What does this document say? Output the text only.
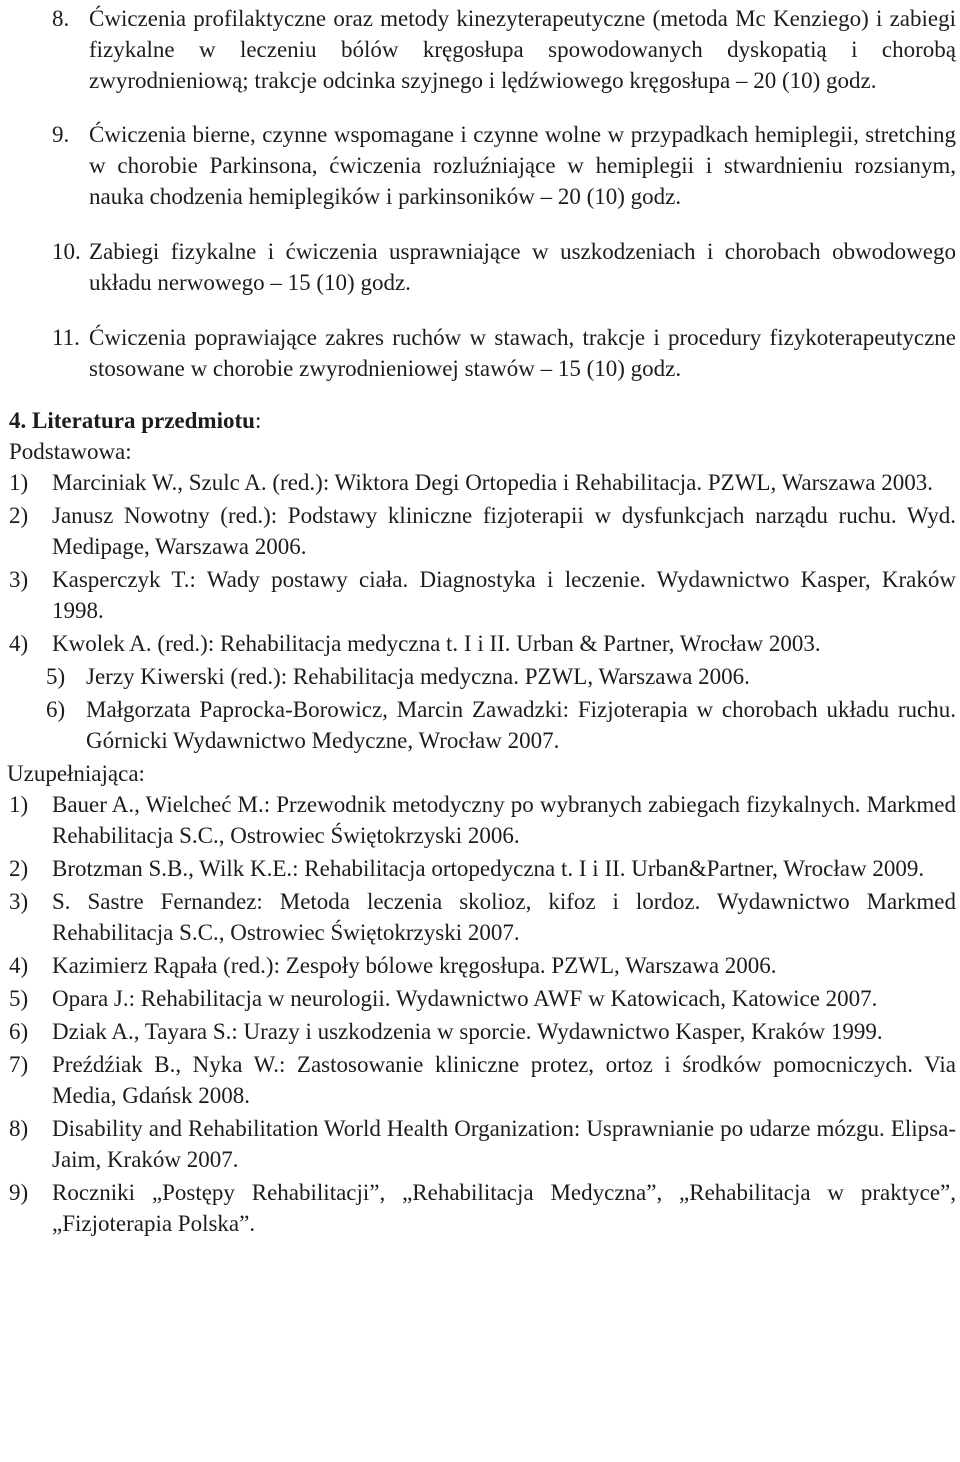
8. Ćwiczenia profilaktyczne oraz metody kinezyterapeutyczne (metoda Mc Kenziego) i zabiegi fizykalne w leczeniu bólów kręgosłupa spowodowanych dyskopatią i chorobą zwyrodnieniową; trakcje odcinka szyjnego i lędźwiowego kręgosłupa – 20 (10) godz.
9. Ćwiczenia bierne, czynne wspomagane i czynne wolne w przypadkach hemiplegii, stretching w chorobie Parkinsona, ćwiczenia rozluźniające w hemiplegii i stwardnieniu rozsianym, nauka chodzenia hemiplegików i parkinsoników – 20 (10) godz.
10. Zabiegi fizykalne i ćwiczenia usprawniające w uszkodzeniach i chorobach obwodowego układu nerwowego – 15 (10) godz.
11. Ćwiczenia poprawiające zakres ruchów w stawach, trakcje i procedury fizykoterapeutyczne stosowane w chorobie zwyrodnieniowej stawów – 15 (10) godz.
4. Literatura przedmiotu:
Podstawowa:
1) Marciniak W., Szulc A. (red.): Wiktora Degi Ortopedia i Rehabilitacja. PZWL, Warszawa 2003.
2) Janusz Nowotny (red.): Podstawy kliniczne fizjoterapii w dysfunkcjach narządu ruchu. Wyd. Medipage, Warszawa 2006.
3) Kasperczyk T.: Wady postawy ciała. Diagnostyka i leczenie. Wydawnictwo Kasper, Kraków 1998.
4) Kwolek A. (red.): Rehabilitacja medyczna t. I i II. Urban & Partner, Wrocław 2003.
5) Jerzy Kiwerski (red.): Rehabilitacja medyczna. PZWL, Warszawa 2006.
6) Małgorzata Paprocka-Borowicz, Marcin Zawadzki: Fizjoterapia w chorobach układu ruchu. Górnicki Wydawnictwo Medyczne, Wrocław 2007.
Uzupełniająca:
1) Bauer A., Wielcheć M.: Przewodnik metodyczny po wybranych zabiegach fizykalnych. Markmed Rehabilitacja S.C., Ostrowiec Świętokrzyski 2006.
2) Brotzman S.B., Wilk K.E.: Rehabilitacja ortopedyczna t. I i II. Urban&Partner, Wrocław 2009.
3) S. Sastre Fernandez: Metoda leczenia skolioz, kifoz i lordoz. Wydawnictwo Markmed Rehabilitacja S.C., Ostrowiec Świętokrzyski 2007.
4) Kazimierz Rąpała (red.): Zespoły bólowe kręgosłupa. PZWL, Warszawa 2006.
5) Opara J.: Rehabilitacja w neurologii. Wydawnictwo AWF w Katowicach, Katowice 2007.
6) Dziak A., Tayara S.: Urazy i uszkodzenia w sporcie. Wydawnictwo Kasper, Kraków 1999.
7) Preźdźiak B., Nyka W.: Zastosowanie kliniczne protez, ortoz i środków pomocniczych. Via Media, Gdańsk 2008.
8) Disability and Rehabilitation World Health Organization: Usprawnianie po udarze mózgu. Elipsa-Jaim, Kraków 2007.
9) Roczniki „Postępy Rehabilitacji”, „Rehabilitacja Medyczna”, „Rehabilitacja w praktyce”, „Fizjoterapia Polska”.
